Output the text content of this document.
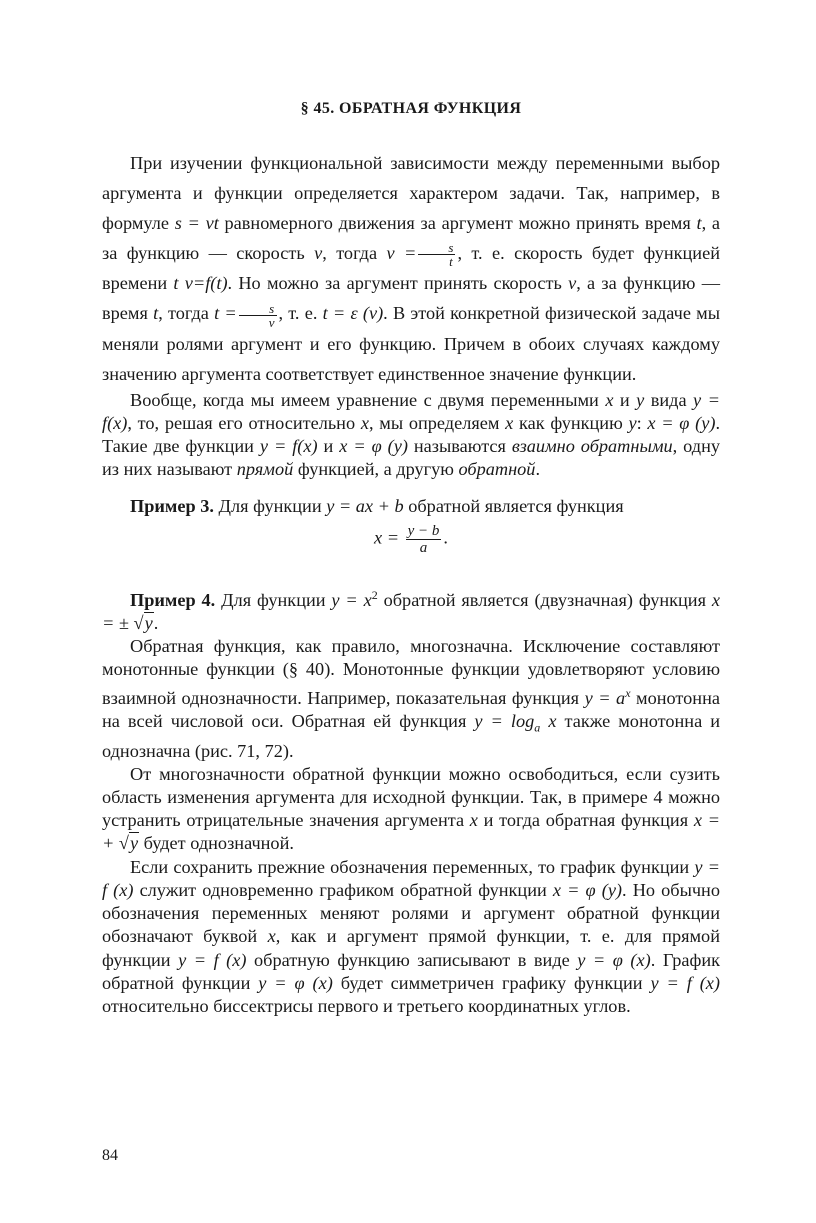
§ 45. ОБРАТНАЯ ФУНКЦИЯ

При изучении функциональной зависимости между переменными выбор аргумента и функции определяется характером задачи. Так, например, в формуле s = vt равномерного движения за аргумент можно принять время t, а за функцию — скорость v, тогда $v = \frac{s}{t}$ , т. е. скорость будет функцией времени t v=f(t). Но можно за аргумент принять скорость v, а за функцию — время t, тогда $t = \frac{s}{v}$ , т. е. t = ɛ (v). В этой конкретной физической задаче мы меняли ролями аргумент и его функцию. Причем в обоих случаях каждому значению аргумента соответствует единственное значение функции.

Вообще, когда мы имеем уравнение с двумя переменными x и y вида y = f(x), то, решая его относительно x, мы определяем x как функцию y: x = φ (y). Такие две функции y = f(x) и x = φ (y) называются взаимно обратными, одну из них называют прямой функцией, а другую обратной.

Пример 3. Для функции y = ax + b обратной является функция

$x = \frac{y - b}{a}$ .

Пример 4. Для функции $y = x^2$ обратной является (двузначная) функция x = ± √y.

Обратная функция, как правило, многозначна. Исключение составляют монотонные функции (§ 40). Монотонные функции удовлетворяют условию взаимной однозначности. Например, показательная функция $y = a^x$ монотонна на всей числовой оси. Обратная ей функция $y = \log_a x$ также монотонна и однозначна (рис. 71, 72).

От многозначности обратной функции можно освободиться, если сузить область изменения аргумента для исходной функции. Так, в примере 4 можно устранить отрицательные значения аргумента x и тогда обратная функция x = + √y будет однозначной.

Если сохранить прежние обозначения переменных, то график функции y = f (x) служит одновременно графиком обратной функции x = φ (y). Но обычно обозначения переменных меняют ролями и аргумент обратной функции обозначают буквой x, как и аргумент прямой функции, т. е. для прямой функции y = f (x) обратную функцию записывают в виде y = φ (x). График обратной функции y = φ (x) будет симметричен графику функции y = f (x) относительно биссектрисы первого и третьего координатных углов.

84
